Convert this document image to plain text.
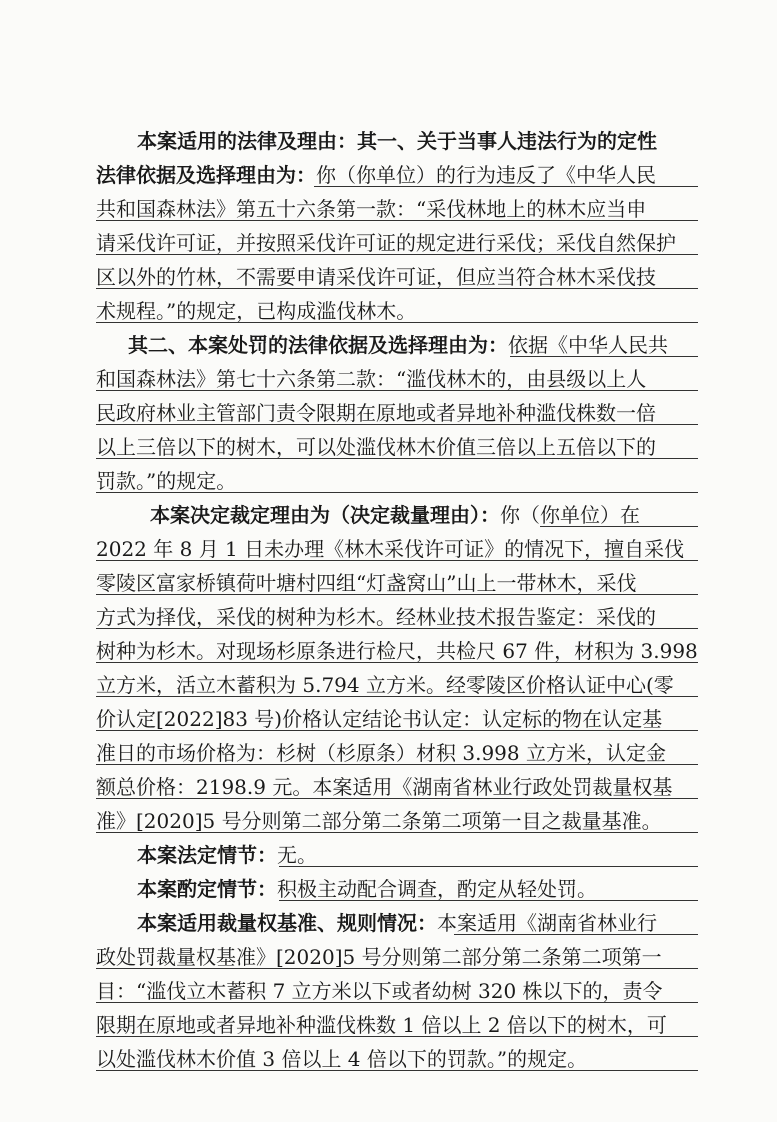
本案适用的法律及理由：其一、关于当事人违法行为的定性
法律依据及选择理由为：你（你单位）的行为违反了《中华人民
共和国森林法》第五十六条第一款：“采伐林地上的林木应当申
请采伐许可证，并按照采伐许可证的规定进行采伐；采伐自然保护
区以外的竹林，不需要申请采伐许可证，但应当符合林木采伐技
术规程。”的规定，已构成滥伐林木。
其二、本案处罚的法律依据及选择理由为：依据《中华人民共
和国森林法》第七十六条第二款：“滥伐林木的，由县级以上人
民政府林业主管部门责令限期在原地或者异地补种滥伐株数一倍
以上三倍以下的树木，可以处滥伐林木价值三倍以上五倍以下的
罚款。”的规定。
本案决定裁定理由为（决定裁量理由）：你（你单位）在
2022 年 8 月 1 日未办理《林木采伐许可证》的情况下，擅自采伐
零陵区富家桥镇荷叶塘村四组“灯盏窝山”山上一带林木，采伐
方式为择伐，采伐的树种为杉木。经林业技术报告鉴定：采伐的
树种为杉木。对现场杉原条进行检尺，共检尺 67 件，材积为 3.998
立方米，活立木蓄积为 5.794 立方米。经零陵区价格认证中心(零
价认定[2022]83 号)价格认定结论书认定：认定标的物在认定基
准日的市场价格为：杉树（杉原条）材积 3.998 立方米，认定金
额总价格：2198.9 元。本案适用《湖南省林业行政处罚裁量权基
准》[2020]5 号分则第二部分第二条第二项第一目之裁量基准。
本案法定情节：无。
本案酌定情节：积极主动配合调查，酌定从轻处罚。
本案适用裁量权基准、规则情况：本案适用《湖南省林业行
政处罚裁量权基准》[2020]5 号分则第二部分第二条第二项第一
目：“滥伐立木蓄积 7 立方米以下或者幼树 320 株以下的，责令
限期在原地或者异地补种滥伐株数 1 倍以上 2 倍以下的树木，可
以处滥伐林木价值 3 倍以上 4 倍以下的罚款。”的规定。
